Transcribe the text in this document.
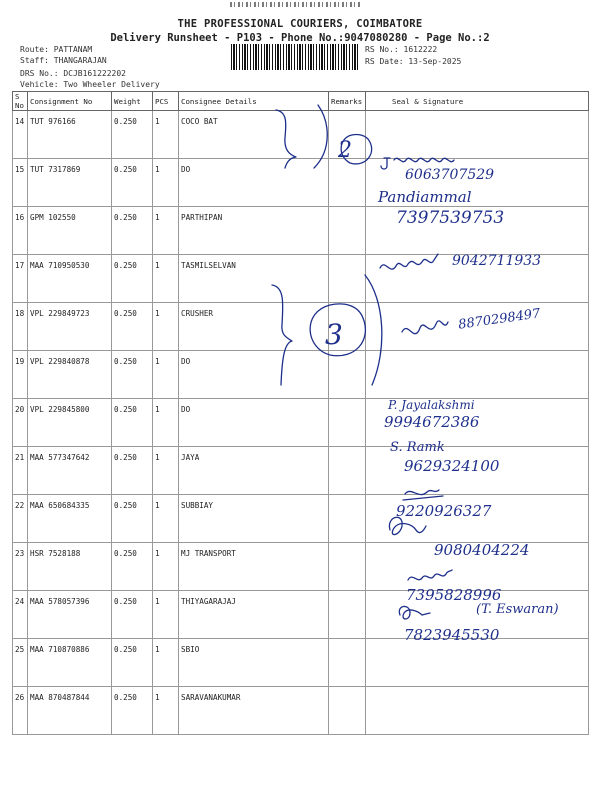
THE PROFESSIONAL COURIERS, COIMBATORE
Delivery Runsheet - P103 - Phone No.:9047080280 - Page No.:2
Route: PATTANAM
Staff: THANGARAJAN
DRS No.: DCJB161222202
Vehicle: Two Wheeler Delivery
RS No.: 1612222
RS Date: 13-Sep-2025
S No	Consignment No	Weight	PCS	Consignee Details	Remarks	Seal & Signature
14	TUT 976166	0.250	1	COCO BAT		
15	TUT 7317869	0.250	1	DO		
16	GPM 102550	0.250	1	PARTHIPAN		
17	MAA 710950530	0.250	1	TASMILSELVAN		
18	VPL 229849723	0.250	1	CRUSHER		
19	VPL 229840878	0.250	1	DO		
20	VPL 229845800	0.250	1	DO		
21	MAA 577347642	0.250	1	JAYA		
22	MAA 650684335	0.250	1	SUBBIAY		
23	HSR 7528188	0.250	1	MJ TRANSPORT		
24	MAA 578057396	0.250	1	THIYAGARAJAJ		
25	MAA 710870886	0.250	1	SBIO		
26	MAA 870487844	0.250	1	SARAVANAKUMAR		
2
3
6063707529
Pandiammal
7397539753
9042711933
8870298497
P. Jayalakshmi
9994672386
S. Ramk
9629324100
9220926327
9080404224
7395828996
(T. Eswaran)
7823945530
